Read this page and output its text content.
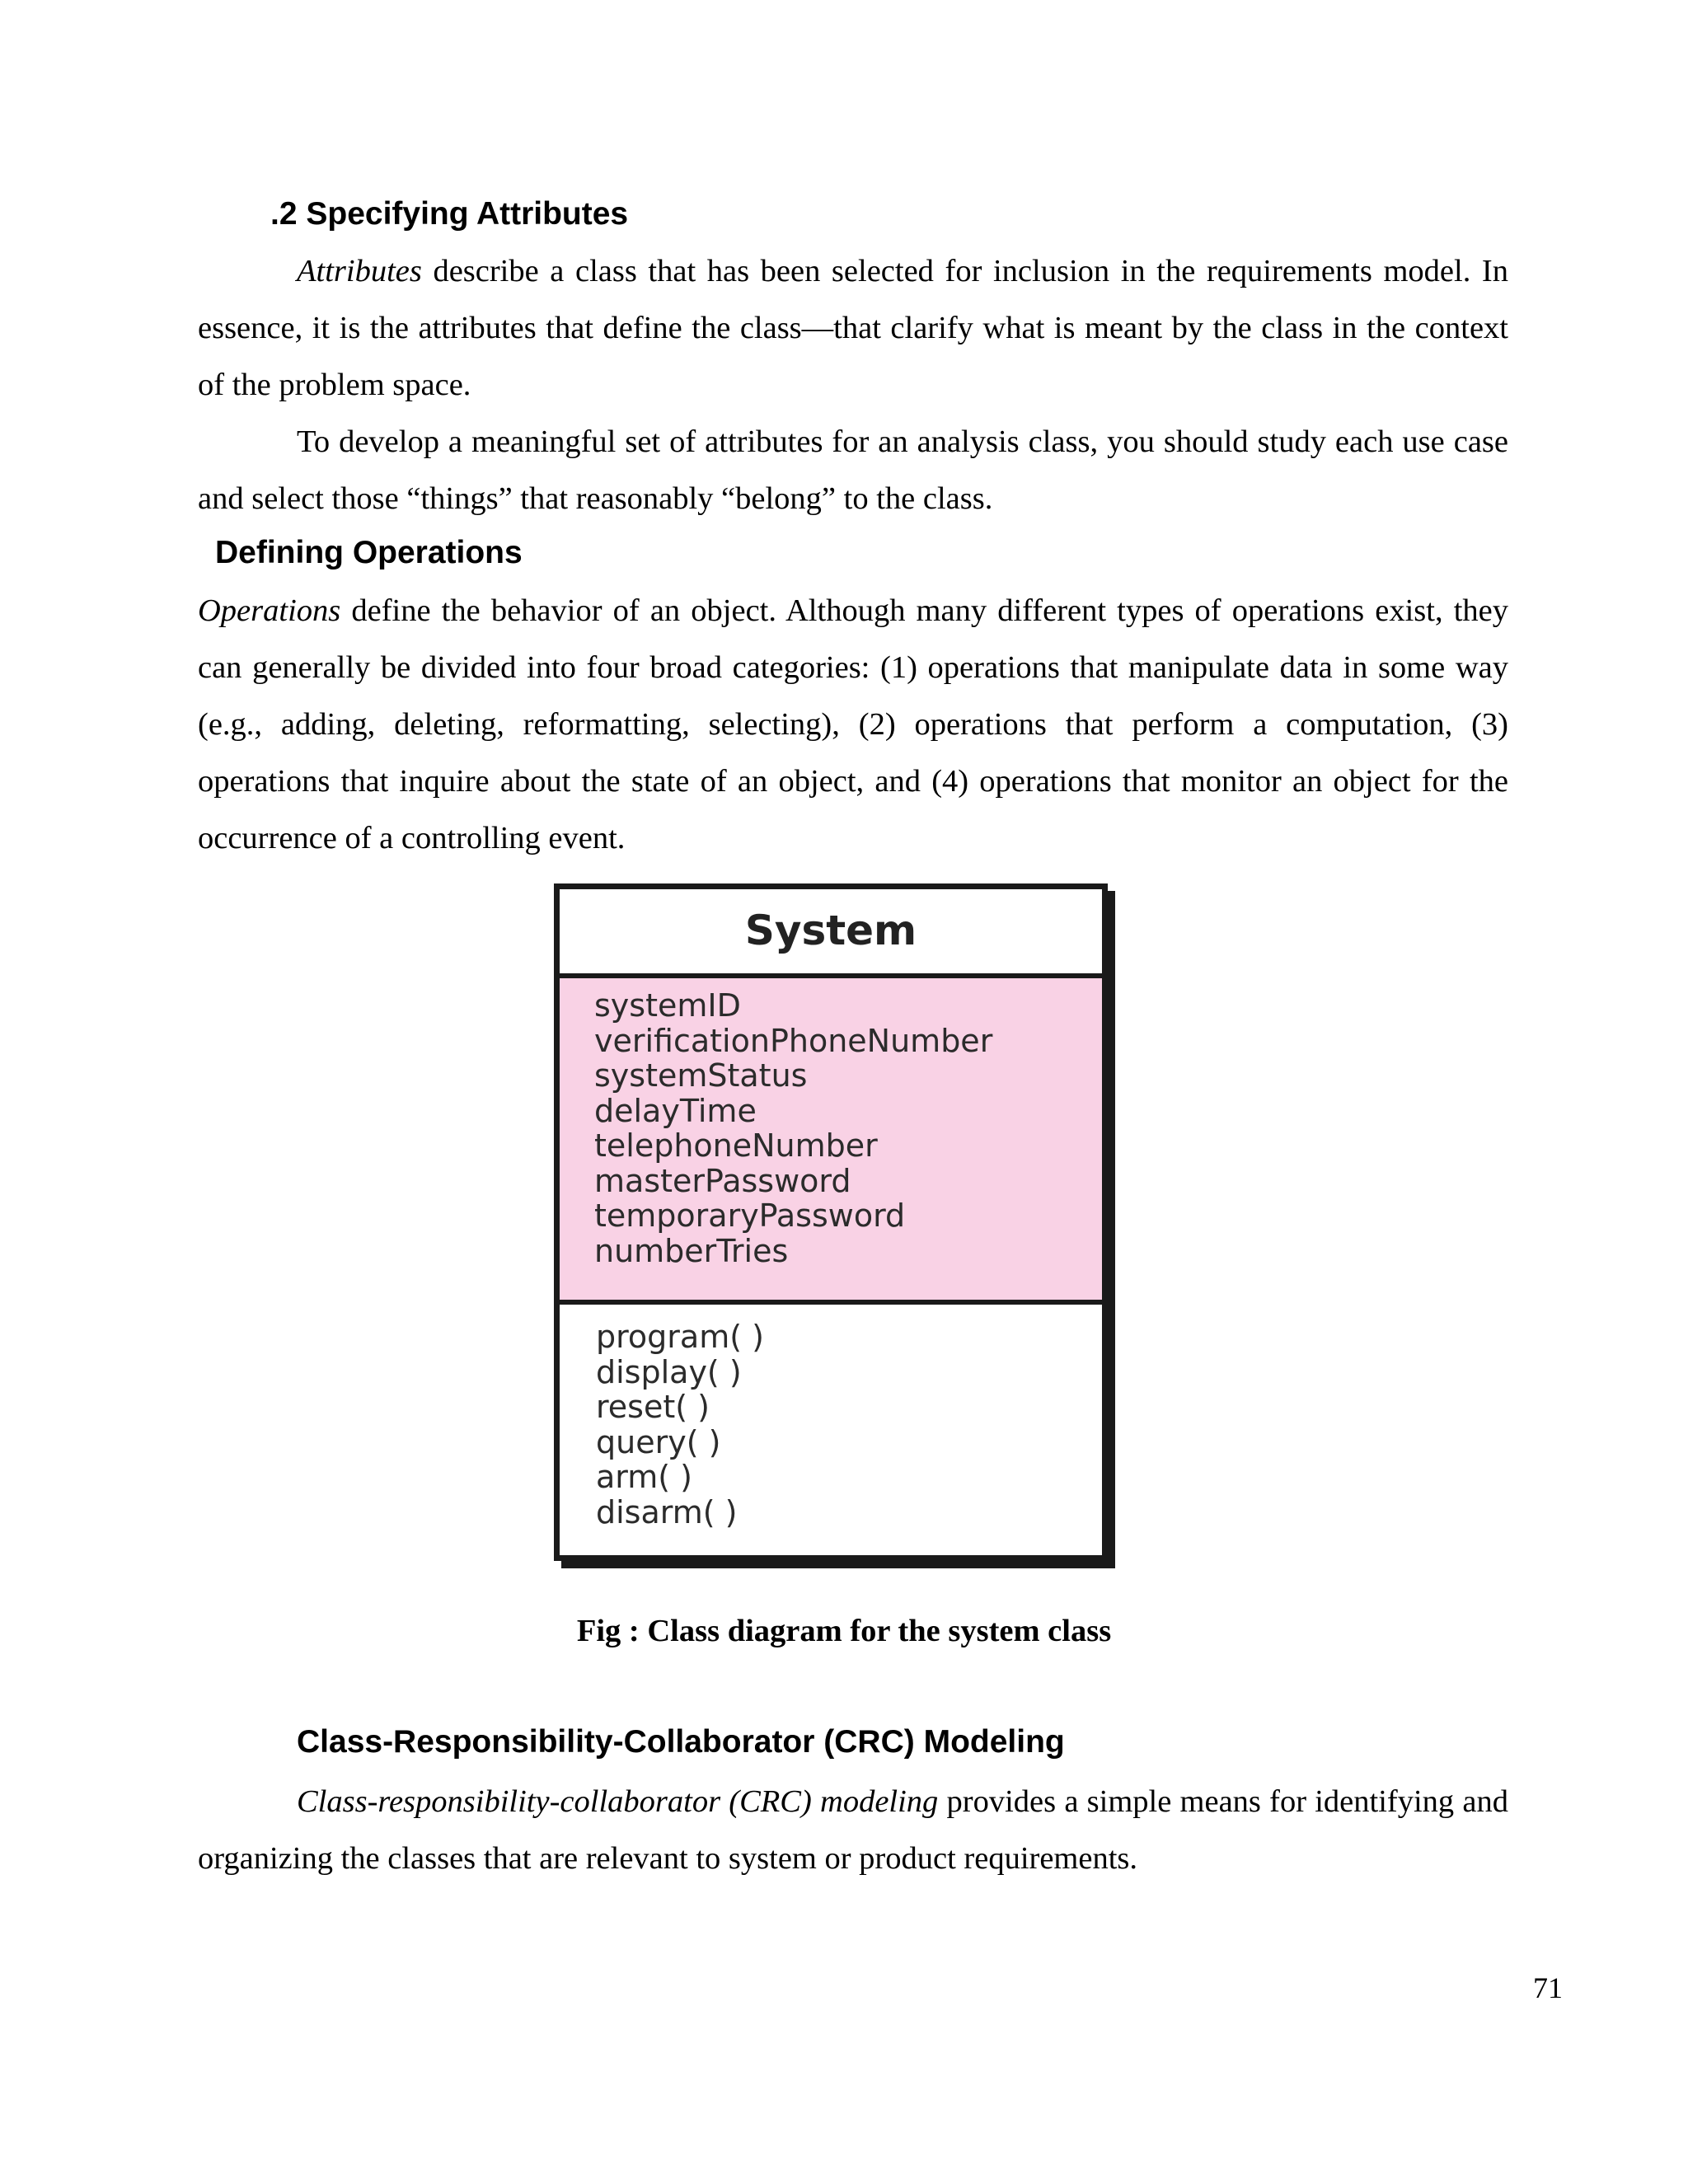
.2 Specifying Attributes

Attributes describe a class that has been selected for inclusion in the requirements model. In essence, it is the attributes that define the class—that clarify what is meant by the class in the context of the problem space.

To develop a meaningful set of attributes for an analysis class, you should study each use case and select those “things” that reasonably “belong” to the class.

Defining Operations

Operations define the behavior of an object. Although many different types of operations exist, they can generally be divided into four broad categories: (1) operations that manipulate data in some way (e.g., adding, deleting, reformatting, selecting), (2) operations that perform a computation, (3) operations that inquire about the state of an object, and (4) operations that monitor an object for the occurrence of a controlling event.

System
systemID
verificationPhoneNumber
systemStatus
delayTime
telephoneNumber
masterPassword
temporaryPassword
numberTries
program( )
display( )
reset( )
query( )
arm( )
disarm( )
Fig : Class diagram for the system class
Class-Responsibility-Collaborator (CRC) Modeling

Class-responsibility-collaborator (CRC) modeling provides a simple means for identifying and organizing the classes that are relevant to system or product requirements.

71
